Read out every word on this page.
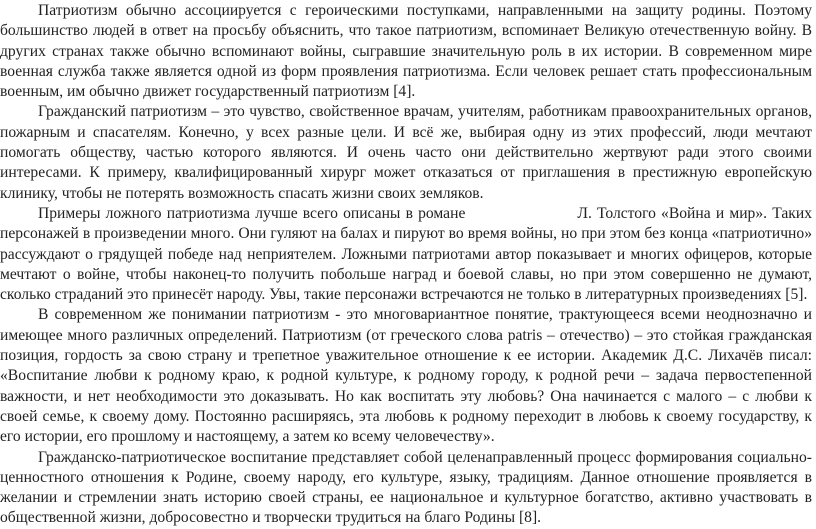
Патриотизм обычно ассоциируется с героическими поступками, направленными на защиту родины. Поэтому большинство людей в ответ на просьбу объяснить, что такое патриотизм, вспоминает Великую отечественную войну. В других странах также обычно вспоминают войны, сыгравшие значительную роль в их истории. В современном мире военная служба также является одной из форм проявления патриотизма. Если человек решает стать профессиональным военным, им обычно движет государственный патриотизм [4].

Гражданский патриотизм – это чувство, свойственное врачам, учителям, работникам правоохранительных органов, пожарным и спасателям. Конечно, у всех разные цели. И всё же, выбирая одну из этих профессий, люди мечтают помогать обществу, частью которого являются. И очень часто они действительно жертвуют ради этого своими интересами. К примеру, квалифицированный хирург может отказаться от приглашения в престижную европейскую клинику, чтобы не потерять возможность спасать жизни своих земляков.

Примеры ложного патриотизма лучше всего описаны в романе	Л. Толстого «Война и мир». Таких персонажей в произведении много. Они гуляют на балах и пируют во время войны, но при этом без конца «патриотично» рассуждают о грядущей победе над неприятелем. Ложными патриотами автор показывает и многих офицеров, которые мечтают о войне, чтобы наконец-то получить побольше наград и боевой славы, но при этом совершенно не думают, сколько страданий это принесёт народу. Увы, такие персонажи встречаются не только в литературных произведениях [5].

В современном же понимании патриотизм - это многовариантное понятие, трактующееся всеми неоднозначно и имеющее много различных определений. Патриотизм (от греческого слова patris – отечество) – это стойкая гражданская позиция, гордость за свою страну и трепетное уважительное отношение к ее истории. Академик Д.С. Лихачёв писал: «Воспитание любви к родному краю, к родной культуре, к родному городу, к родной речи – задача первостепенной важности, и нет необходимости это доказывать. Но как воспитать эту любовь? Она начинается с малого – с любви к своей семье, к своему дому. Постоянно расширяясь, эта любовь к родному переходит в любовь к своему государству, к его истории, его прошлому и настоящему, а затем ко всему человечеству».

Гражданско-патриотическое воспитание представляет собой целенаправленный процесс формирования социально-ценностного отношения к Родине, своему народу, его культуре, языку, традициям. Данное отношение проявляется в желании и стремлении знать историю своей страны, ее национальное и культурное богатство, активно участвовать в общественной жизни, добросовестно и творчески трудиться на благо Родины [8].
